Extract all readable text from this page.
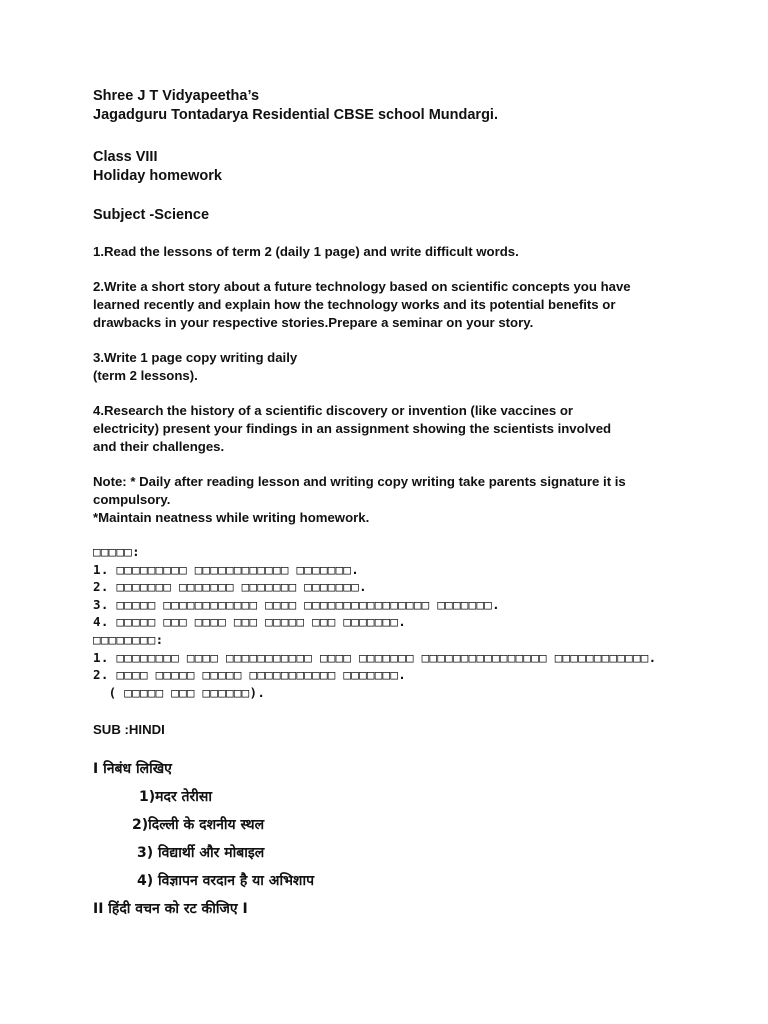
Shree J T Vidyapeetha’s

Jagadguru Tontadarya Residential CBSE school Mundargi.

Class VIII

Holiday homework

Subject -Science

1.Read the lessons of term 2 (daily 1 page) and write difficult words.

2.Write a short story about a future technology based on scientific concepts you have
learned recently and explain how the technology works and its potential benefits or
drawbacks in your respective stories.Prepare a seminar on your story.

3.Write 1 page copy writing daily
(term 2 lessons).

4.Research the history of a scientific discovery or invention (like vaccines or
electricity) present your findings in an assignment showing the scientists involved
and their challenges.

Note: * Daily after reading lesson and writing copy writing take parents signature it is
compulsory.

*Maintain neatness while writing homework.

□□□□□:

1. □□□□□□□□□ □□□□□□□□□□□□ □□□□□□□.

2. □□□□□□□ □□□□□□□ □□□□□□□ □□□□□□□.

3. □□□□□ □□□□□□□□□□□□ □□□□ □□□□□□□□□□□□□□□□ □□□□□□□.

4. □□□□□ □□□ □□□□ □□□ □□□□□ □□□ □□□□□□□.

□□□□□□□□:

1. □□□□□□□□ □□□□ □□□□□□□□□□□ □□□□ □□□□□□□ □□□□□□□□□□□□□□□□ □□□□□□□□□□□□.

2. □□□□ □□□□□ □□□□□ □□□□□□□□□□□ □□□□□□□.

( □□□□□ □□□ □□□□□□).

SUB :HINDI

I निबंध लिखिए

1)मदर तेरीसा

2)दिल्ली के दशनीय स्थल

3) विद्यार्थी और मोबाइल

4) विज्ञापन वरदान है या अभिशाप

II हिंदी वचन को रट कीजिए I
